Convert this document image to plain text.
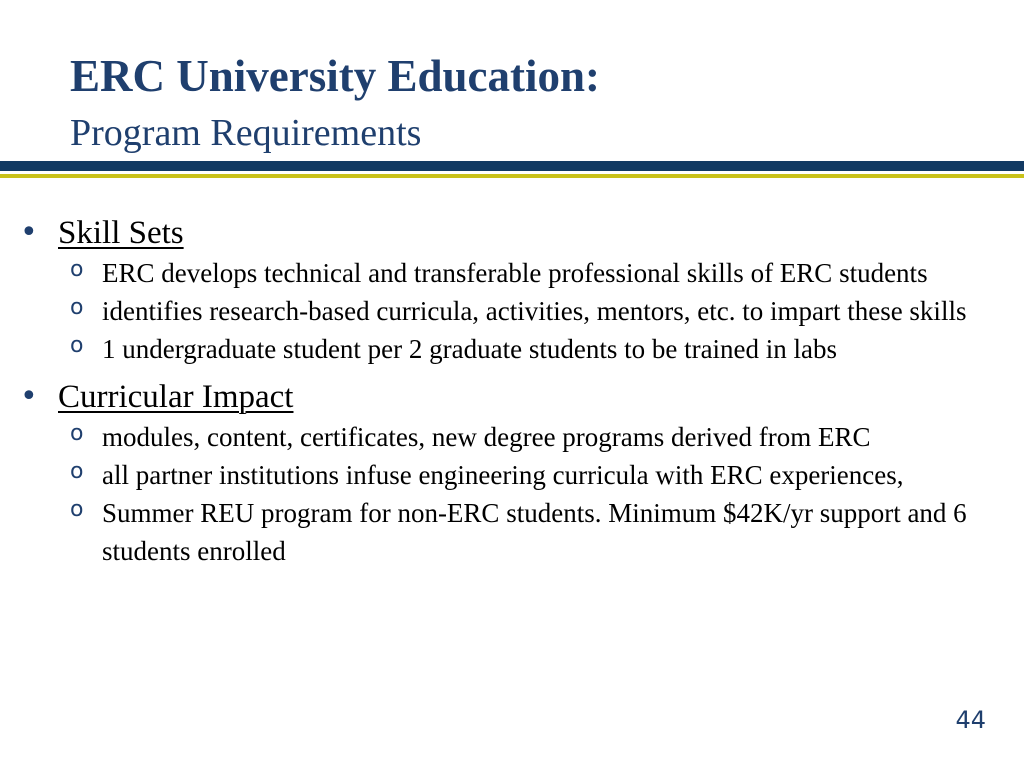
ERC University Education:
Program Requirements
• Skill Sets
o ERC develops technical and transferable professional skills of ERC students
o identifies research-based curricula, activities, mentors, etc. to impart these skills
o 1 undergraduate student per 2 graduate students to be trained in labs
• Curricular Impact
o modules, content, certificates, new degree programs derived from ERC
o all partner institutions infuse engineering curricula with ERC experiences,
o Summer REU program for non-ERC students. Minimum $42K/yr support and 6 students enrolled
44
